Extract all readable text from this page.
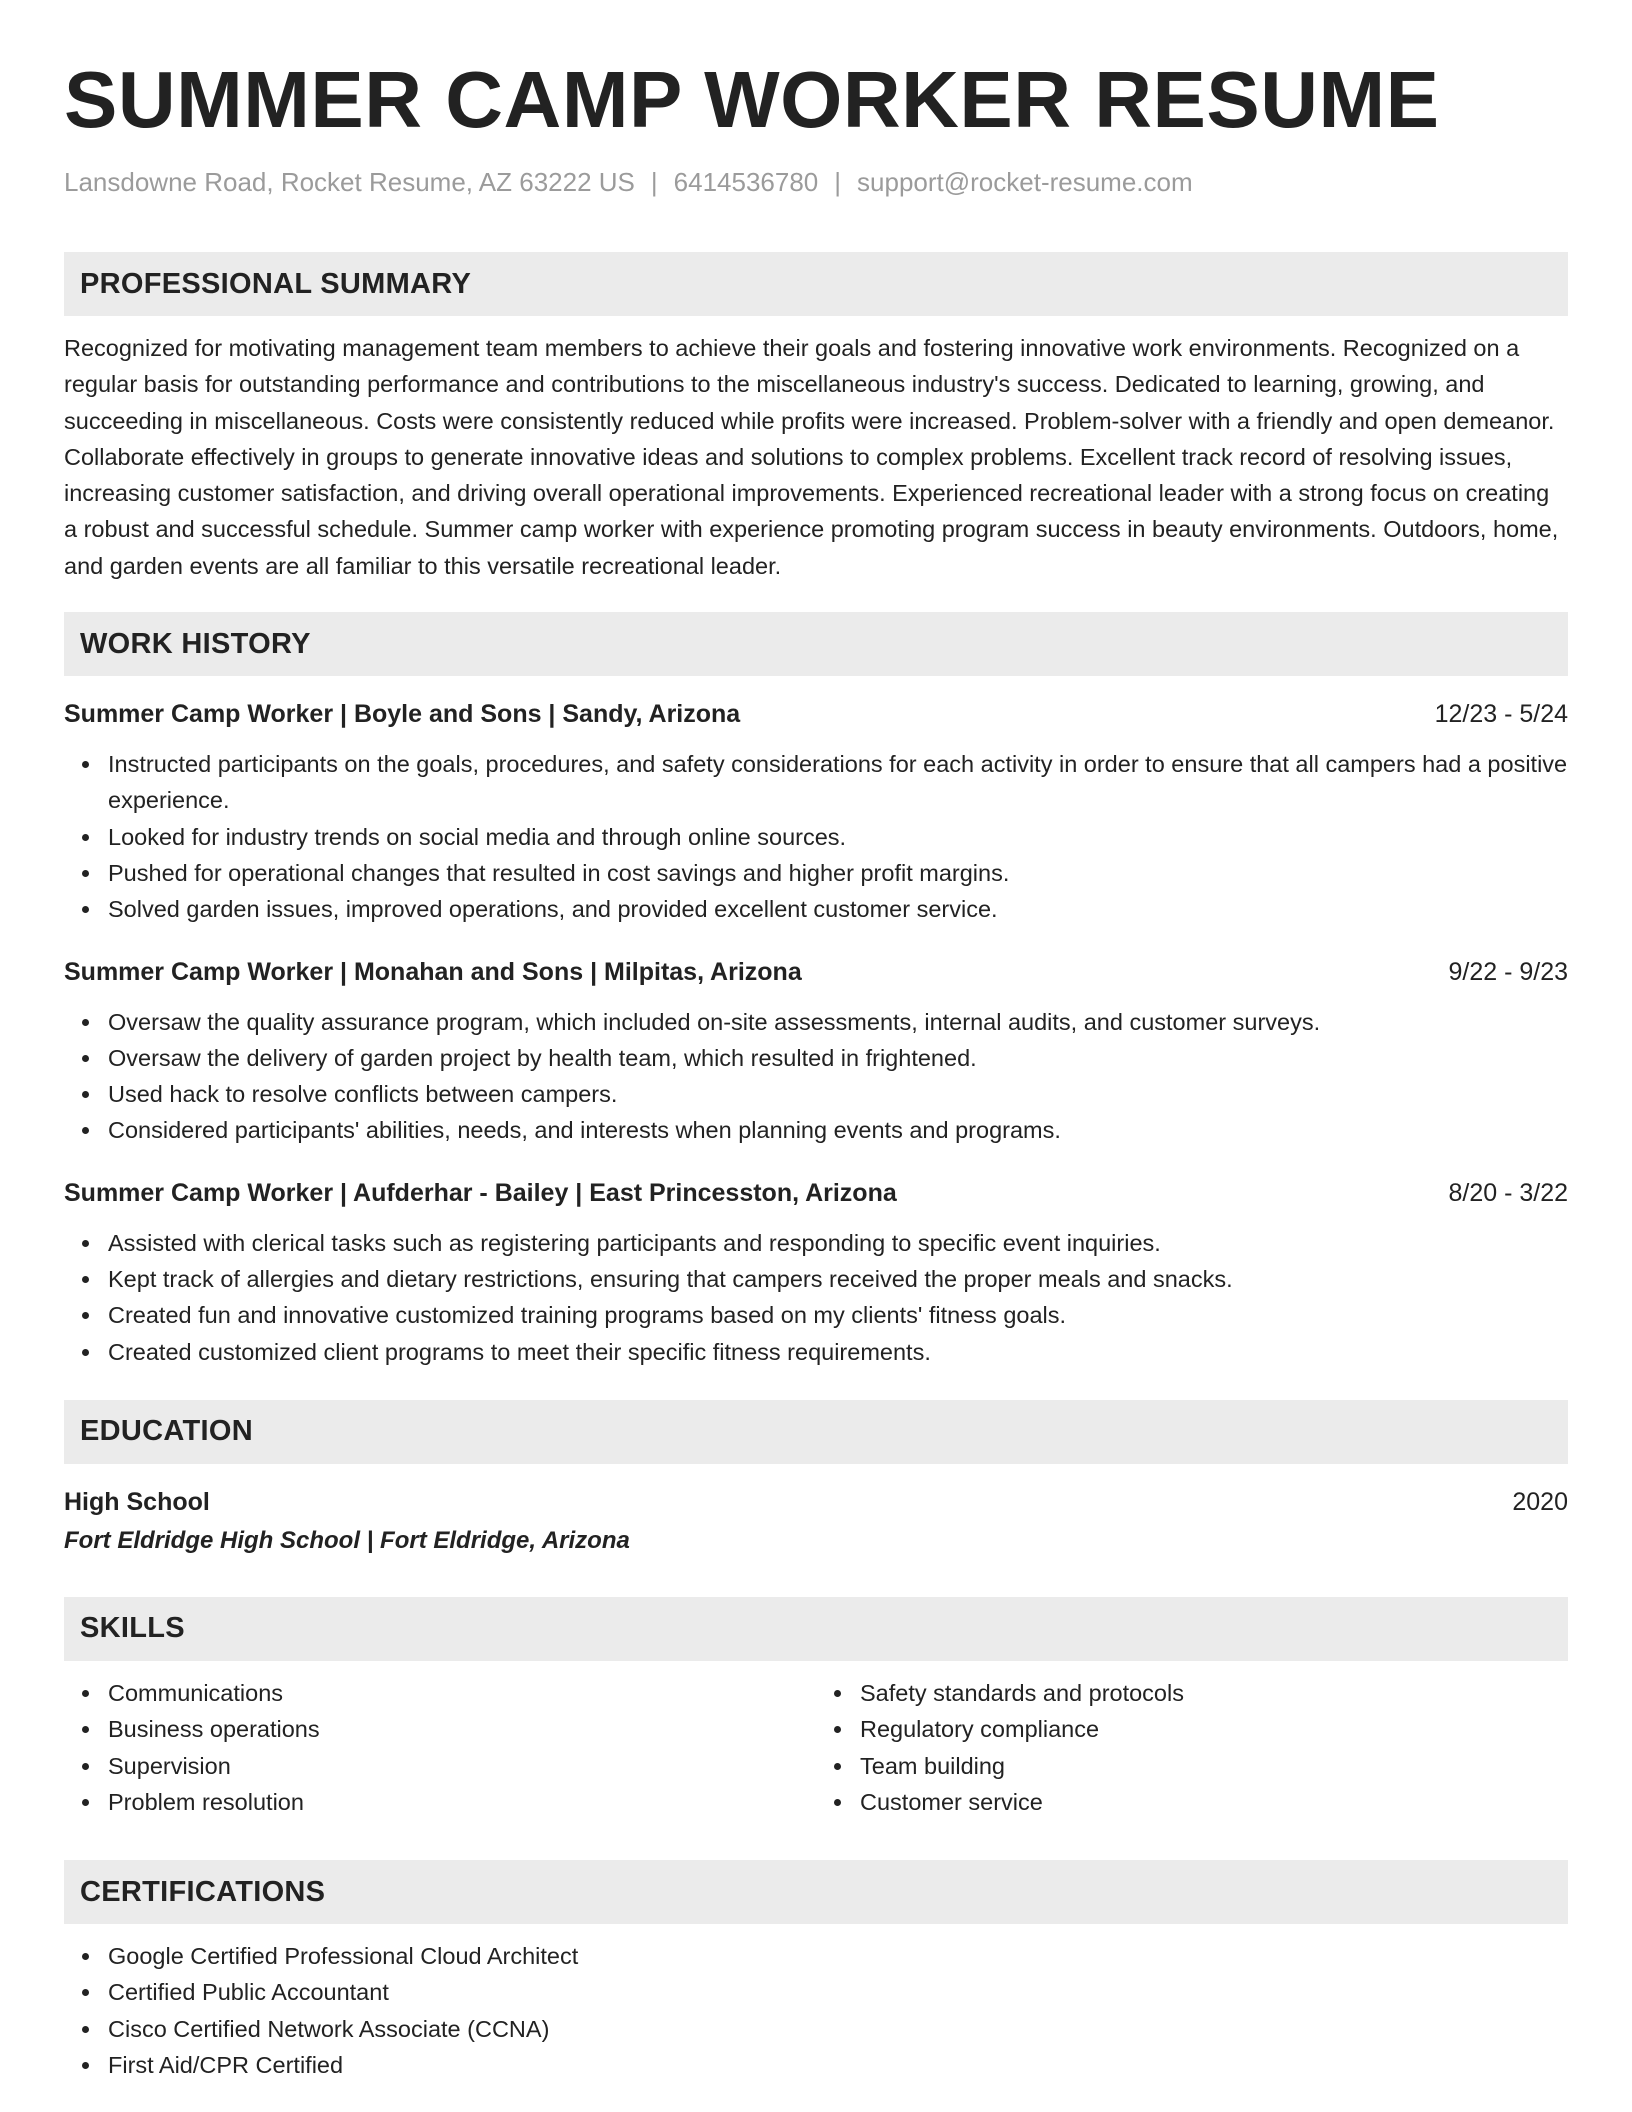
SUMMER CAMP WORKER RESUME
Lansdowne Road, Rocket Resume, AZ 63222 US | 6414536780 | support@rocket-resume.com
PROFESSIONAL SUMMARY

Recognized for motivating management team members to achieve their goals and fostering innovative work environments. Recognized on a regular basis for outstanding performance and contributions to the miscellaneous industry's success. Dedicated to learning, growing, and succeeding in miscellaneous. Costs were consistently reduced while profits were increased. Problem-solver with a friendly and open demeanor. Collaborate effectively in groups to generate innovative ideas and solutions to complex problems. Excellent track record of resolving issues, increasing customer satisfaction, and driving overall operational improvements. Experienced recreational leader with a strong focus on creating a robust and successful schedule. Summer camp worker with experience promoting program success in beauty environments. Outdoors, home, and garden events are all familiar to this versatile recreational leader.

WORK HISTORY
Summer Camp Worker | Boyle and Sons | Sandy, Arizona	12/23 - 5/24
Instructed participants on the goals, procedures, and safety considerations for each activity in order to ensure that all campers had a positive experience.
Looked for industry trends on social media and through online sources.
Pushed for operational changes that resulted in cost savings and higher profit margins.
Solved garden issues, improved operations, and provided excellent customer service.
Summer Camp Worker | Monahan and Sons | Milpitas, Arizona	9/22 - 9/23
Oversaw the quality assurance program, which included on-site assessments, internal audits, and customer surveys.
Oversaw the delivery of garden project by health team, which resulted in frightened.
Used hack to resolve conflicts between campers.
Considered participants' abilities, needs, and interests when planning events and programs.
Summer Camp Worker | Aufderhar - Bailey | East Princesston, Arizona	8/20 - 3/22
Assisted with clerical tasks such as registering participants and responding to specific event inquiries.
Kept track of allergies and dietary restrictions, ensuring that campers received the proper meals and snacks.
Created fun and innovative customized training programs based on my clients' fitness goals.
Created customized client programs to meet their specific fitness requirements.
EDUCATION
High School	2020
Fort Eldridge High School | Fort Eldridge, Arizona
SKILLS
Communications
Business operations
Supervision
Problem resolution
Safety standards and protocols
Regulatory compliance
Team building
Customer service
CERTIFICATIONS
Google Certified Professional Cloud Architect
Certified Public Accountant
Cisco Certified Network Associate (CCNA)
First Aid/CPR Certified
